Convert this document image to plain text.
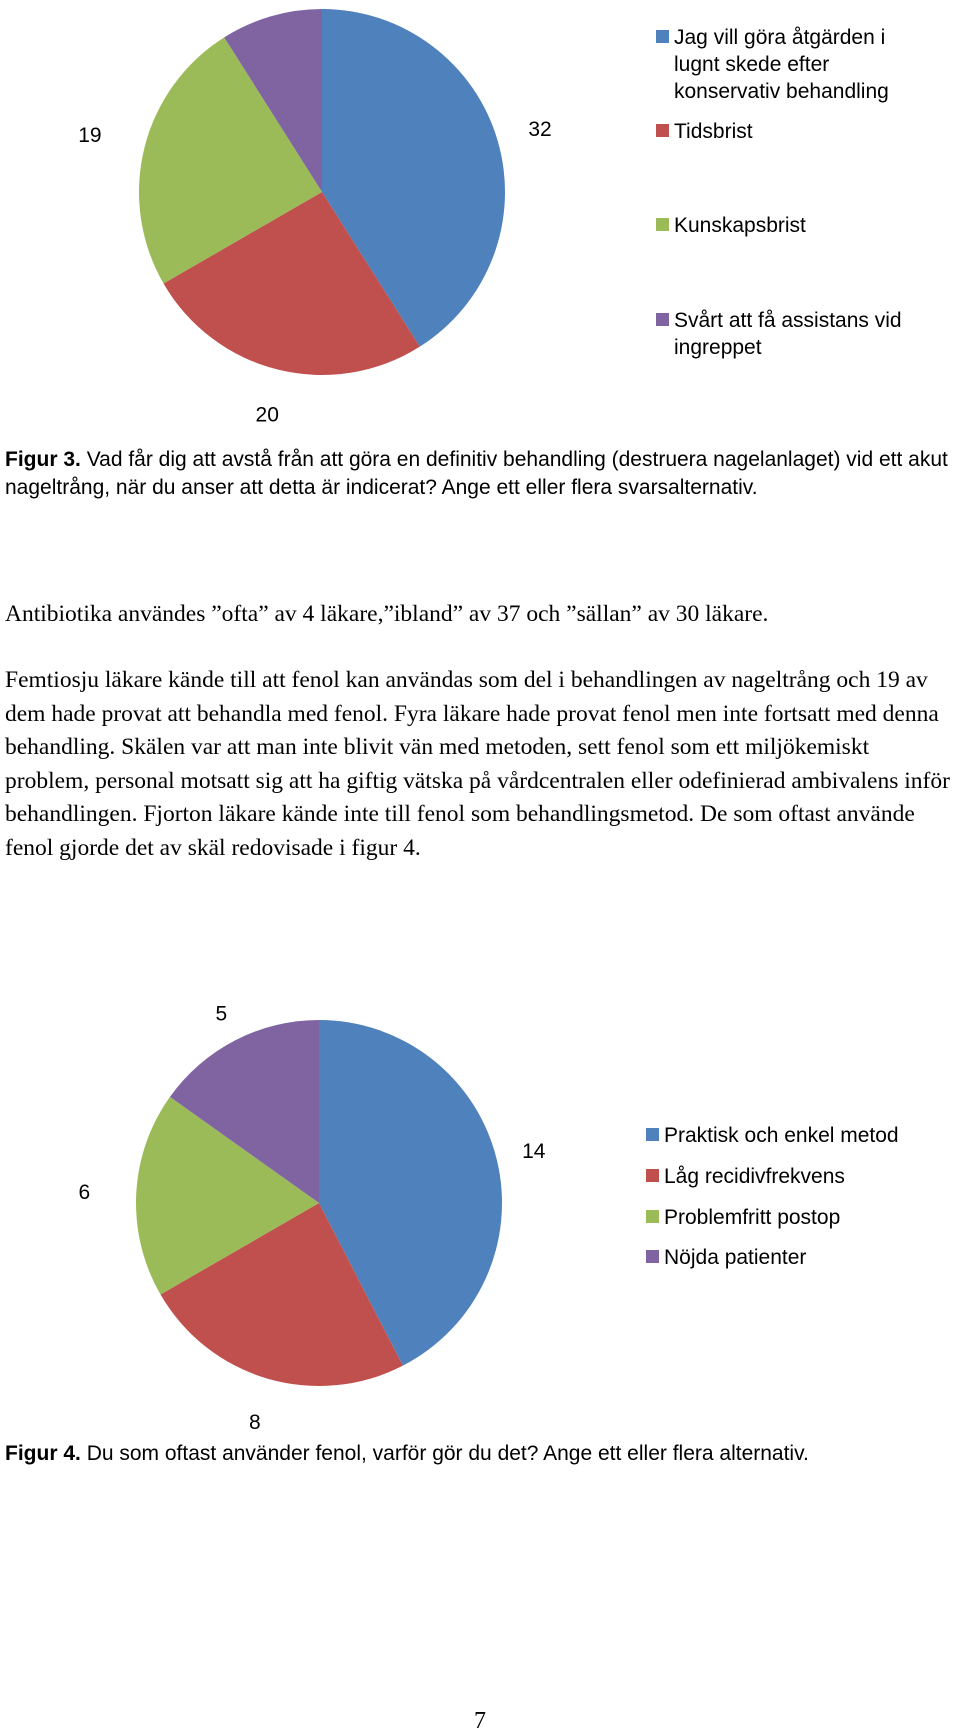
32
20
19
Jag vill göra åtgärden i lugnt skede efter konservativ behandling
Tidsbrist
Kunskapsbrist
Svårt att få assistans vid ingreppet
Figur 3. Vad får dig att avstå från att göra en definitiv behandling (destruera nagelanlaget) vid ett akut nageltrång, när du anser att detta är indicerat? Ange ett eller flera svarsalternativ.

Antibiotika användes ”ofta” av 4 läkare,”ibland” av 37 och ”sällan” av 30 läkare.

Femtiosju läkare kände till att fenol kan användas som del i behandlingen av nageltrång och 19 av dem hade provat att behandla med fenol. Fyra läkare hade provat fenol men inte fortsatt med denna behandling. Skälen var att man inte blivit vän med metoden, sett fenol som ett miljökemiskt problem, personal motsatt sig att ha giftig vätska på vårdcentralen eller odefinierad ambivalens inför behandlingen. Fjorton läkare kände inte till fenol som behandlingsmetod. De som oftast använde fenol gjorde det av skäl redovisade i figur 4.

14
8
6
5
Praktisk och enkel metod
Låg recidivfrekvens
Problemfritt postop
Nöjda patienter
Figur 4. Du som oftast använder fenol, varför gör du det? Ange ett eller flera alternativ.
7
